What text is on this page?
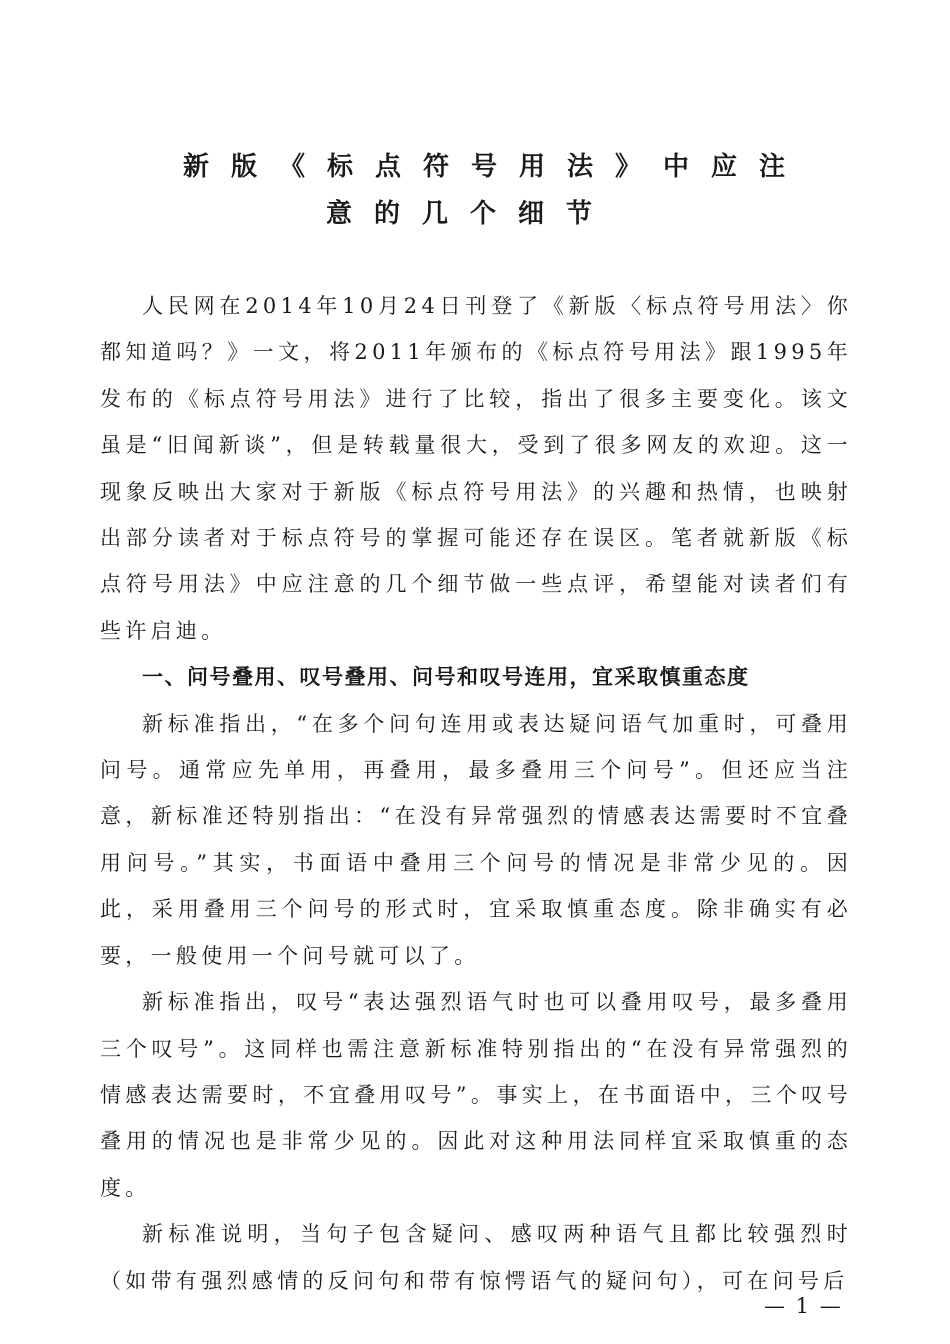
新版《标点符号用法》中应注
意的几个细节

人民网在2014年10月24日刊登了《新版〈标点符号用法〉你都知道吗？》一文，将2011年颁布的《标点符号用法》跟1995年发布的《标点符号用法》进行了比较，指出了很多主要变化。该文虽是“旧闻新谈”，但是转载量很大，受到了很多网友的欢迎。这一现象反映出大家对于新版《标点符号用法》的兴趣和热情，也映射出部分读者对于标点符号的掌握可能还存在误区。笔者就新版《标点符号用法》中应注意的几个细节做一些点评，希望能对读者们有些许启迪。

一、问号叠用、叹号叠用、问号和叹号连用，宜采取慎重态度

新标准指出，“在多个问句连用或表达疑问语气加重时，可叠用问号。通常应先单用，再叠用，最多叠用三个问号”。但还应当注意，新标准还特别指出：“在没有异常强烈的情感表达需要时不宜叠用问号。”其实，书面语中叠用三个问号的情况是非常少见的。因此，采用叠用三个问号的形式时，宜采取慎重态度。除非确实有必要，一般使用一个问号就可以了。

新标准指出，叹号“表达强烈语气时也可以叠用叹号，最多叠用三个叹号”。这同样也需注意新标准特别指出的“在没有异常强烈的情感表达需要时，不宜叠用叹号”。事实上，在书面语中，三个叹号叠用的情况也是非常少见的。因此对这种用法同样宜采取慎重的态度。

新标准说明，当句子包含疑问、感叹两种语气且都比较强烈时（如带有强烈感情的反问句和带有惊愕语气的疑问句），可在问号后

— 1 —
